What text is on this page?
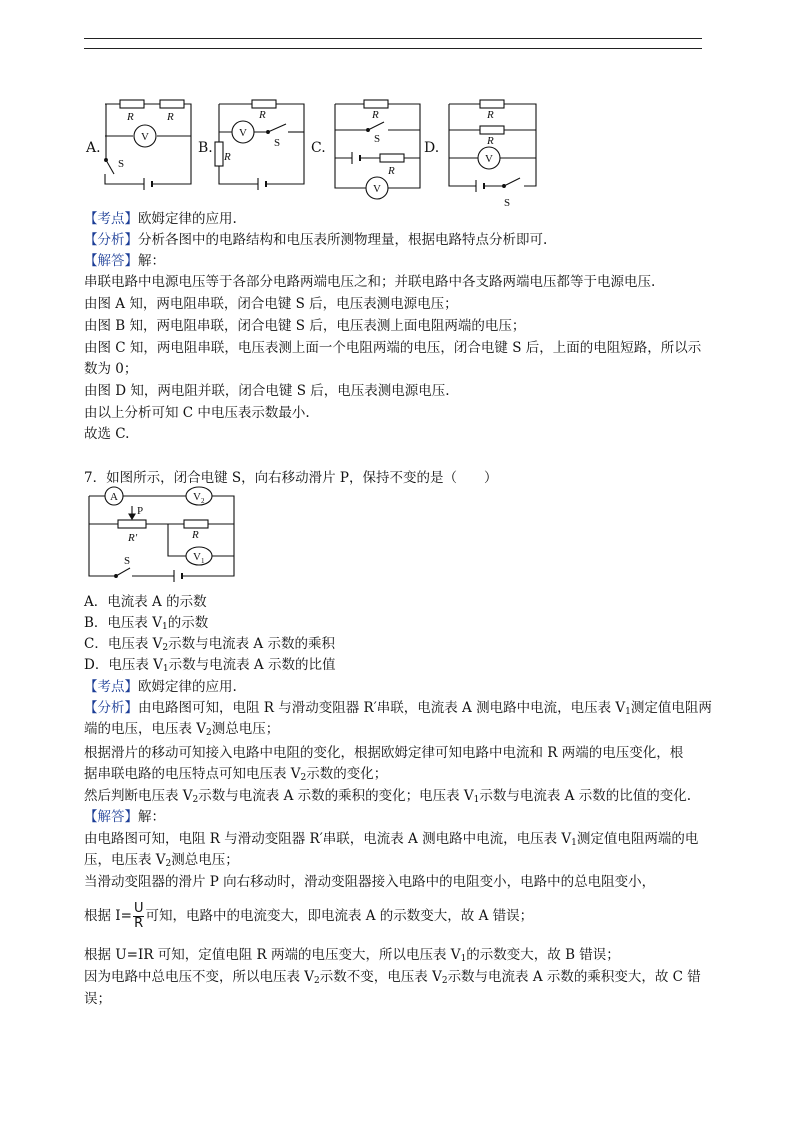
A.	B.	C.	D.
R	R
V
S
R
R
V
S
R
S
R
V
R
R
V
S
【考点】欧姆定律的应用.
【分析】分析各图中的电路结构和电压表所测物理量，根据电路特点分析即可.
【解答】解：
串联电路中电源电压等于各部分电路两端电压之和；并联电路中各支路两端电压都等于电源电压.
由图 A 知，两电阻串联，闭合电键 S 后，电压表测电源电压；
由图 B 知，两电阻串联，闭合电键 S 后，电压表测上面电阻两端的电压；
由图 C 知，两电阻串联，电压表测上面一个电阻两端的电压，闭合电键 S 后，上面的电阻短路，所以示
数为 0；
由图 D 知，两电阻并联，闭合电键 S 后，电压表测电源电压.
由以上分析可知 C 中电压表示数最小.
故选 C.
7．如图所示，闭合电键 S，向右移动滑片 P，保持不变的是（　　）
A	V 2
P
R′	R
V 1
S
A．电流表 A 的示数
B．电压表 $V_1$的示数
C．电压表 $V_2$示数与电流表 A 示数的乘积
D．电压表 $V_1$示数与电流表 A 示数的比值
【考点】欧姆定律的应用.
【分析】由电路图可知，电阻 R 与滑动变阻器 R′串联，电流表 A 测电路中电流，电压表 $V_1$测定值电阻两
端的电压，电压表 $V_2$测总电压；
根据滑片的移动可知接入电路中电阻的变化，根据欧姆定律可知电路中电流和 R 两端的电压变化，根
据串联电路的电压特点可知电压表 $V_2$示数的变化；
然后判断电压表 $V_2$示数与电流表 A 示数的乘积的变化；电压表 $V_1$示数与电流表 A 示数的比值的变化.
【解答】解：
由电路图可知，电阻 R 与滑动变阻器 R′串联，电流表 A 测电路中电流，电压表 $V_1$测定值电阻两端的电
压，电压表 $V_2$测总电压；
当滑动变阻器的滑片 P 向右移动时，滑动变阻器接入电路中的电阻变小，电路中的总电阻变小，
根据 $I= \frac{U}{R}$ 可知，电路中的电流变大，即电流表 A 的示数变大，故 A 错误；
根据 U=IR 可知，定值电阻 R 两端的电压变大，所以电压表 $V_1$的示数变大，故 B 错误；
因为电路中总电压不变，所以电压表 $V_2$示数不变，电压表 $V_2$示数与电流表 A 示数的乘积变大，故 C 错
误；
